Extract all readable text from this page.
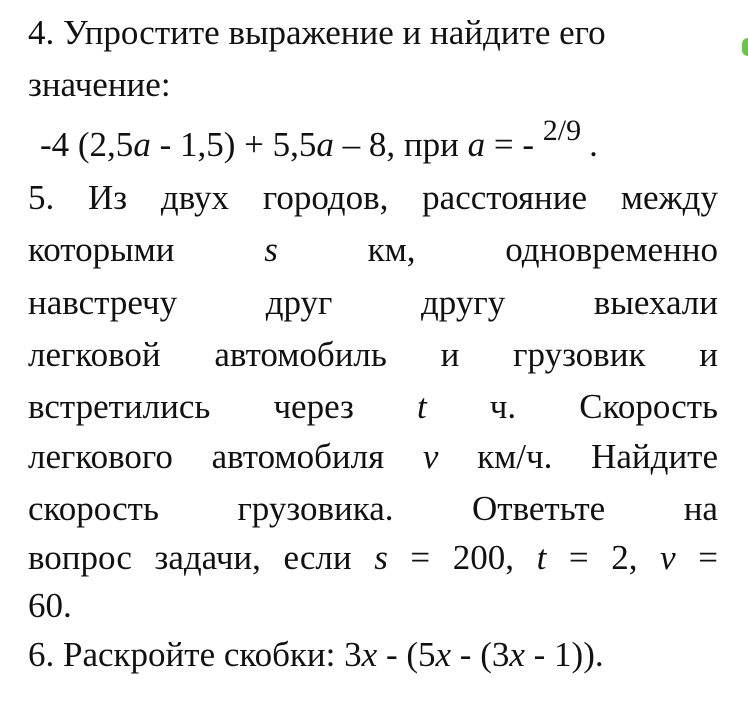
4. Упростите выражение и найдите его
значение:
-4 (2,5a - 1,5) + 5,5a – 8, при a = - 2/9 .
5. Из двух городов, расстояние между
которыми	s	км,	одновременно
навстречу	друг	другу	выехали
легковой автомобиль и грузовик и
встретились через t ч. Скорость
легкового автомобиля v км/ч. Найдите
скорость грузовика. Ответьте на
вопрос задачи, если s = 200, t = 2, v =
60.
6. Раскройте скобки: 3x - (5x - (3x - 1)).
